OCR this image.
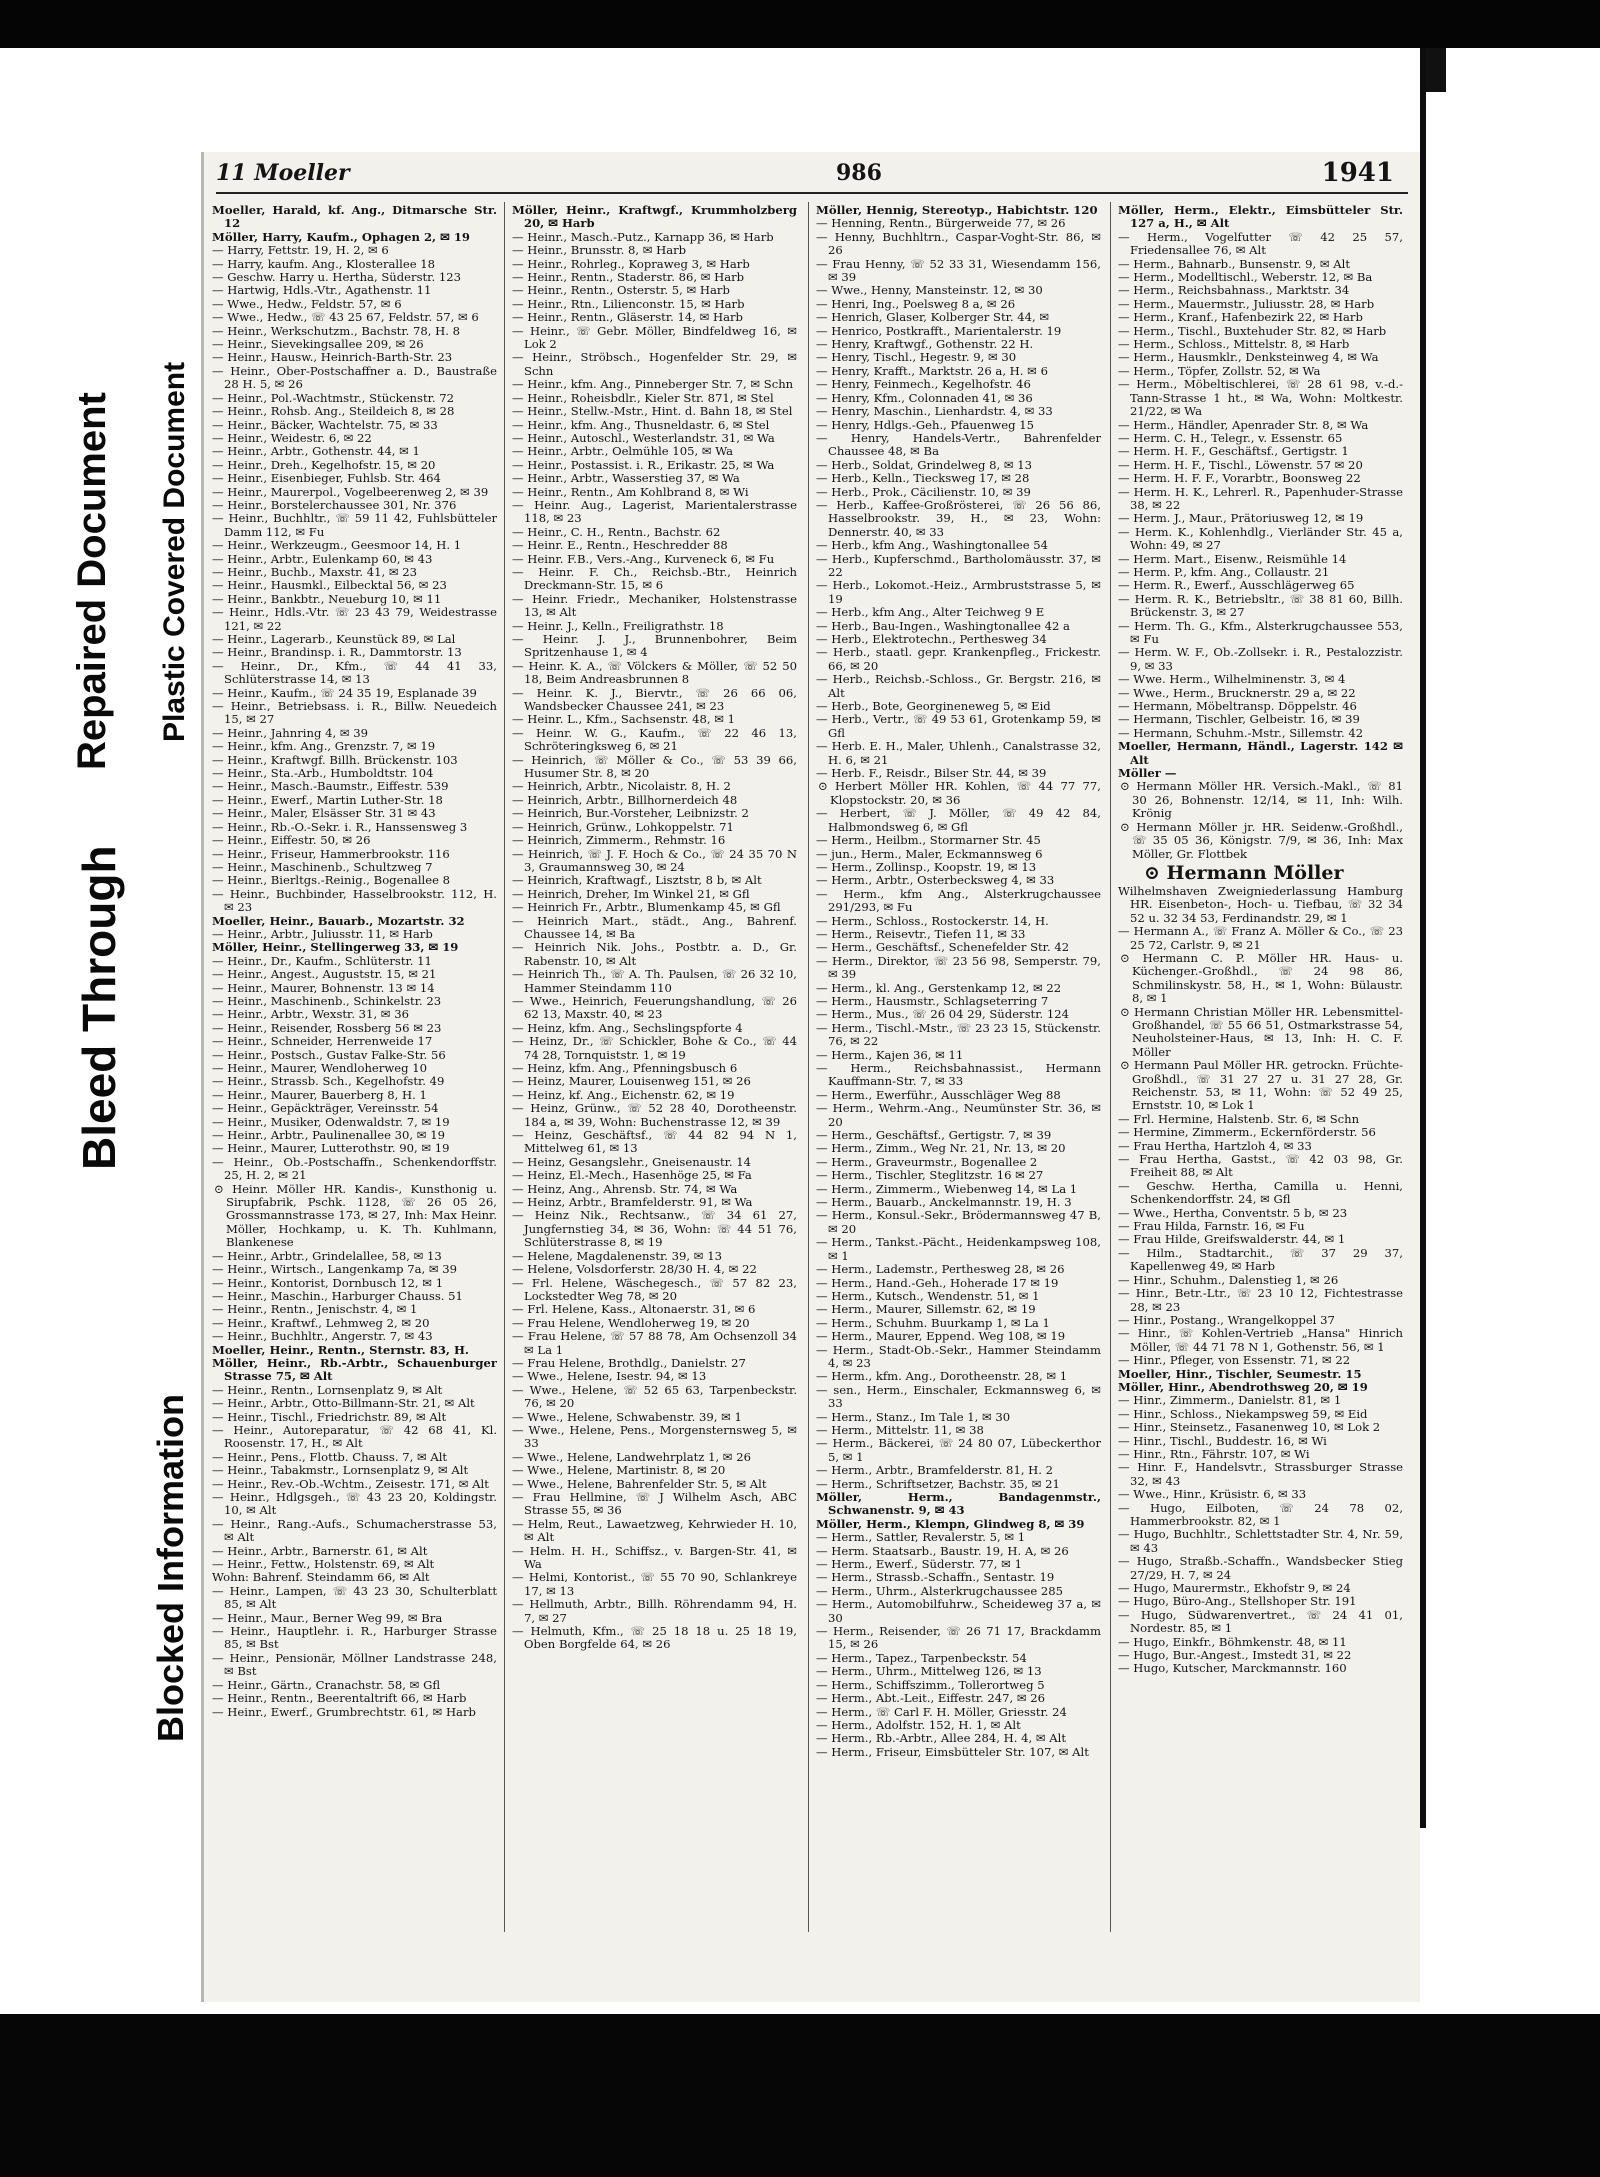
Bleed Through
Repaired Document Plastic Covered Document
Blocked Information
11 Moeller	986	1941

Moeller, Harald, kf. Ang., Ditmarsche Str. 12

Möller, Harry, Kaufm., Ophagen 2, ✉ 19

— Harry, Fettstr. 19, H. 2, ✉ 6

— Harry, kaufm. Ang., Klosterallee 18

— Geschw. Harry u. Hertha, Süderstr. 123

— Hartwig, Hdls.-Vtr., Agathenstr. 11

— Wwe., Hedw., Feldstr. 57, ✉ 6

— Wwe., Hedw., ☏ 43 25 67, Feldstr. 57, ✉ 6

— Heinr., Werkschutzm., Bachstr. 78, H. 8

— Heinr., Sievekingsallee 209, ✉ 26

— Heinr., Hausw., Heinrich-Barth-Str. 23

— Heinr., Ober-Postschaffner a. D., Baustraße 28 H. 5, ✉ 26

— Heinr., Pol.-Wachtmstr., Stückenstr. 72

— Heinr., Rohsb. Ang., Steildeich 8, ✉ 28

— Heinr., Bäcker, Wachtelstr. 75, ✉ 33

— Heinr., Weidestr. 6, ✉ 22

— Heinr., Arbtr., Gothenstr. 44, ✉ 1

— Heinr., Dreh., Kegelhofstr. 15, ✉ 20

— Heinr., Eisenbieger, Fuhlsb. Str. 464

— Heinr., Maurerpol., Vogelbeerenweg 2, ✉ 39

— Heinr., Borstelerchaussee 301, Nr. 376

— Heinr., Buchhltr., ☏ 59 11 42, Fuhlsbütteler Damm 112, ✉ Fu

— Heinr., Werkzeugm., Geesmoor 14, H. 1

— Heinr., Arbtr., Eulenkamp 60, ✉ 43

— Heinr., Buchb., Maxstr. 41, ✉ 23

— Heinr., Hausmkl., Eilbecktal 56, ✉ 23

— Heinr., Bankbtr., Neueburg 10, ✉ 11

— Heinr., Hdls.-Vtr. ☏ 23 43 79, Weidestrasse 121, ✉ 22

— Heinr., Lagerarb., Keunstück 89, ✉ Lal

— Heinr., Brandinsp. i. R., Dammtorstr. 13

— Heinr., Dr., Kfm., ☏ 44 41 33, Schlüterstrasse 14, ✉ 13

— Heinr., Kaufm., ☏ 24 35 19, Esplanade 39

— Heinr., Betriebsass. i. R., Billw. Neuedeich 15, ✉ 27

— Heinr., Jahnring 4, ✉ 39

— Heinr., kfm. Ang., Grenzstr. 7, ✉ 19

— Heinr., Kraftwgf. Billh. Brückenstr. 103

— Heinr., Sta.-Arb., Humboldtstr. 104

— Heinr., Masch.-Baumstr., Eiffestr. 539

— Heinr., Ewerf., Martin Luther-Str. 18

— Heinr., Maler, Elsässer Str. 31 ✉ 43

— Heinr., Rb.-O.-Sekr. i. R., Hanssensweg 3

— Heinr., Eiffestr. 50, ✉ 26

— Heinr., Friseur, Hammerbrookstr. 116

— Heinr., Maschinenb., Schultzweg 7

— Heinr., Bierltgs.-Reinig., Bogenallee 8

— Heinr., Buchbinder, Hasselbrookstr. 112, H. ✉ 23

Moeller, Heinr., Bauarb., Mozartstr. 32

— Heinr., Arbtr., Juliusstr. 11, ✉ Harb

Möller, Heinr., Stellingerweg 33, ✉ 19

— Heinr., Dr., Kaufm., Schlüterstr. 11

— Heinr., Angest., Auguststr. 15, ✉ 21

— Heinr., Maurer, Bohnenstr. 13 ✉ 14

— Heinr., Maschinenb., Schinkelstr. 23

— Heinr., Arbtr., Wexstr. 31, ✉ 36

— Heinr., Reisender, Rossberg 56 ✉ 23

— Heinr., Schneider, Herrenweide 17

— Heinr., Postsch., Gustav Falke-Str. 56

— Heinr., Maurer, Wendloherweg 10

— Heinr., Strassb. Sch., Kegelhofstr. 49

— Heinr., Maurer, Bauerberg 8, H. 1

— Heinr., Gepäckträger, Vereinsstr. 54

— Heinr., Musiker, Odenwaldstr. 7, ✉ 19

— Heinr., Arbtr., Paulinenallee 30, ✉ 19

— Heinr., Maurer, Lutterothstr. 90, ✉ 19

— Heinr., Ob.-Postschaffn., Schenkendorffstr. 25, H. 2, ✉ 21

⊙ Heinr. Möller HR. Kandis-, Kunsthonig u. Sirupfabrik, Pschk. 1128, ☏ 26 05 26, Grossmannstrasse 173, ✉ 27, Inh: Max Heinr. Möller, Hochkamp, u. K. Th. Kuhlmann, Blankenese

— Heinr., Arbtr., Grindelallee, 58, ✉ 13

— Heinr., Wirtsch., Langenkamp 7a, ✉ 39

— Heinr., Kontorist, Dornbusch 12, ✉ 1

— Heinr., Maschin., Harburger Chauss. 51

— Heinr., Rentn., Jenischstr. 4, ✉ 1

— Heinr., Kraftwf., Lehmweg 2, ✉ 20

— Heinr., Buchhltr., Angerstr. 7, ✉ 43

Moeller, Heinr., Rentn., Sternstr. 83, H.

Möller, Heinr., Rb.-Arbtr., Schauenburger Strasse 75, ✉ Alt

— Heinr., Rentn., Lornsenplatz 9, ✉ Alt

— Heinr., Arbtr., Otto-Billmann-Str. 21, ✉ Alt

— Heinr., Tischl., Friedrichstr. 89, ✉ Alt

— Heinr., Autoreparatur, ☏ 42 68 41, Kl. Roosenstr. 17, H., ✉ Alt

— Heinr., Pens., Flottb. Chauss. 7, ✉ Alt

— Heinr., Tabakmstr., Lornsenplatz 9, ✉ Alt

— Heinr., Rev.-Ob.-Wchtm., Zeisestr. 171, ✉ Alt

— Heinr., Hdlgsgeh., ☏ 43 23 20, Koldingstr. 10, ✉ Alt

— Heinr., Rang.-Aufs., Schumacherstrasse 53, ✉ Alt

— Heinr., Arbtr., Barnerstr. 61, ✉ Alt

— Heinr., Fettw., Holstenstr. 69, ✉ Alt

Wohn: Bahrenf. Steindamm 66, ✉ Alt

— Heinr., Lampen, ☏ 43 23 30, Schulterblatt 85, ✉ Alt

— Heinr., Maur., Berner Weg 99, ✉ Bra

— Heinr., Hauptlehr. i. R., Harburger Strasse 85, ✉ Bst

— Heinr., Pensionär, Möllner Landstrasse 248, ✉ Bst

— Heinr., Gärtn., Cranachstr. 58, ✉ Gfl

— Heinr., Rentn., Beerentaltrift 66, ✉ Harb

— Heinr., Ewerf., Grumbrechtstr. 61, ✉ Harb

Möller, Heinr., Kraftwgf., Krummholzberg 20, ✉ Harb

— Heinr., Masch.-Putz., Karnapp 36, ✉ Harb

— Heinr., Brunsstr. 8, ✉ Harb

— Heinr., Rohrleg., Kopraweg 3, ✉ Harb

— Heinr., Rentn., Staderstr. 86, ✉ Harb

— Heinr., Rentn., Osterstr. 5, ✉ Harb

— Heinr., Rtn., Lilienconstr. 15, ✉ Harb

— Heinr., Rentn., Gläserstr. 14, ✉ Harb

— Heinr., ☏ Gebr. Möller, Bindfeldweg 16, ✉ Lok 2

— Heinr., Ströbsch., Hogenfelder Str. 29, ✉ Schn

— Heinr., kfm. Ang., Pinneberger Str. 7, ✉ Schn

— Heinr., Roheisbdlr., Kieler Str. 871, ✉ Stel

— Heinr., Stellw.-Mstr., Hint. d. Bahn 18, ✉ Stel

— Heinr., kfm. Ang., Thusneldastr. 6, ✉ Stel

— Heinr., Autoschl., Westerlandstr. 31, ✉ Wa

— Heinr., Arbtr., Oelmühle 105, ✉ Wa

— Heinr., Postassist. i. R., Erikastr. 25, ✉ Wa

— Heinr., Arbtr., Wasserstieg 37, ✉ Wa

— Heinr., Rentn., Am Kohlbrand 8, ✉ Wi

— Heinr. Aug., Lagerist, Marientalerstrasse 118, ✉ 23

— Heinr., C. H., Rentn., Bachstr. 62

— Heinr. E., Rentn., Heschredder 88

— Heinr. F.B., Vers.-Ang., Kurveneck 6, ✉ Fu

— Heinr. F. Ch., Reichsb.-Btr., Heinrich Dreckmann-Str. 15, ✉ 6

— Heinr. Friedr., Mechaniker, Holstenstrasse 13, ✉ Alt

— Heinr. J., Kelln., Freiligrathstr. 18

— Heinr. J. J., Brunnenbohrer, Beim Spritzenhause 1, ✉ 4

— Heinr. K. A., ☏ Völckers & Möller, ☏ 52 50 18, Beim Andreasbrunnen 8

— Heinr. K. J., Biervtr., ☏ 26 66 06, Wandsbecker Chaussee 241, ✉ 23

— Heinr. L., Kfm., Sachsenstr. 48, ✉ 1

— Heinr. W. G., Kaufm., ☏ 22 46 13, Schröteringksweg 6, ✉ 21

— Heinrich, ☏ Möller & Co., ☏ 53 39 66, Husumer Str. 8, ✉ 20

— Heinrich, Arbtr., Nicolaistr. 8, H. 2

— Heinrich, Arbtr., Billhornerdeich 48

— Heinrich, Bur.-Vorsteher, Leibnizstr. 2

— Heinrich, Grünw., Lohkoppelstr. 71

— Heinrich, Zimmerm., Rehmstr. 16

— Heinrich, ☏ J. F. Hoch & Co., ☏ 24 35 70 N 3, Graumannsweg 30, ✉ 24

— Heinrich, Kraftwagf., Lisztstr, 8 b, ✉ Alt

— Heinrich, Dreher, Im Winkel 21, ✉ Gfl

— Heinrich Fr., Arbtr., Blumenkamp 45, ✉ Gfl

— Heinrich Mart., städt., Ang., Bahrenf. Chaussee 14, ✉ Ba

— Heinrich Nik. Johs., Postbtr. a. D., Gr. Rabenstr. 10, ✉ Alt

— Heinrich Th., ☏ A. Th. Paulsen, ☏ 26 32 10, Hammer Steindamm 110

— Wwe., Heinrich, Feuerungshandlung, ☏ 26 62 13, Maxstr. 40, ✉ 23

— Heinz, kfm. Ang., Sechslingspforte 4

— Heinz, Dr., ☏ Schickler, Bohe & Co., ☏ 44 74 28, Tornquiststr. 1, ✉ 19

— Heinz, kfm. Ang., Pfenningsbusch 6

— Heinz, Maurer, Louisenweg 151, ✉ 26

— Heinz, kf. Ang., Eichenstr. 62, ✉ 19

— Heinz, Grünw., ☏ 52 28 40, Dorotheenstr. 184 a, ✉ 39, Wohn: Buchenstrasse 12, ✉ 39

— Heinz, Geschäftsf., ☏ 44 82 94 N 1, Mittelweg 61, ✉ 13

— Heinz, Gesangslehr., Gneisenaustr. 14

— Heinz, El.-Mech., Hasenhöge 25, ✉ Fa

— Heinz, Ang., Ahrensb. Str. 74, ✉ Wa

— Heinz, Arbtr., Bramfelderstr. 91, ✉ Wa

— Heinz Nik., Rechtsanw., ☏ 34 61 27, Jungfernstieg 34, ✉ 36, Wohn: ☏ 44 51 76, Schlüterstrasse 8, ✉ 19

— Helene, Magdalenenstr. 39, ✉ 13

— Helene, Volsdorferstr. 28/30 H. 4, ✉ 22

— Frl. Helene, Wäschegesch., ☏ 57 82 23, Lockstedter Weg 78, ✉ 20

— Frl. Helene, Kass., Altonaerstr. 31, ✉ 6

— Frau Helene, Wendloherweg 19, ✉ 20

— Frau Helene, ☏ 57 88 78, Am Ochsenzoll 34 ✉ La 1

— Frau Helene, Brothdlg., Danielstr. 27

— Wwe., Helene, Isestr. 94, ✉ 13

— Wwe., Helene, ☏ 52 65 63, Tarpenbeckstr. 76, ✉ 20

— Wwe., Helene, Schwabenstr. 39, ✉ 1

— Wwe., Helene, Pens., Morgensternsweg 5, ✉ 33

— Wwe., Helene, Landwehrplatz 1, ✉ 26

— Wwe., Helene, Martinistr. 8, ✉ 20

— Wwe., Helene, Bahrenfelder Str. 5, ✉ Alt

— Frau Hellmine, ☏ J Wilhelm Asch, ABC Strasse 55, ✉ 36

— Helm, Reut., Lawaetzweg, Kehrwieder H. 10, ✉ Alt

— Helm. H. H., Schiffsz., v. Bargen-Str. 41, ✉ Wa

— Helmi, Kontorist., ☏ 55 70 90, Schlankreye 17, ✉ 13

— Hellmuth, Arbtr., Billh. Röhrendamm 94, H. 7, ✉ 27

— Helmuth, Kfm., ☏ 25 18 18 u. 25 18 19, Oben Borgfelde 64, ✉ 26

Möller, Hennig, Stereotyp., Habichtstr. 120

— Henning, Rentn., Bürgerweide 77, ✉ 26

— Henny, Buchhltrn., Caspar-Voght-Str. 86, ✉ 26

— Frau Henny, ☏ 52 33 31, Wiesendamm 156, ✉ 39

— Wwe., Henny, Mansteinstr. 12, ✉ 30

— Henri, Ing., Poelsweg 8 a, ✉ 26

— Henrich, Glaser, Kolberger Str. 44, ✉

— Henrico, Postkrafft., Marientalerstr. 19

— Henry, Kraftwgf., Gothenstr. 22 H.

— Henry, Tischl., Hegestr. 9, ✉ 30

— Henry, Krafft., Marktstr. 26 a, H. ✉ 6

— Henry, Feinmech., Kegelhofstr. 46

— Henry, Kfm., Colonnaden 41, ✉ 36

— Henry, Maschin., Lienhardstr. 4, ✉ 33

— Henry, Hdlgs.-Geh., Pfauenweg 15

— Henry, Handels-Vertr., Bahrenfelder Chaussee 48, ✉ Ba

— Herb., Soldat, Grindelweg 8, ✉ 13

— Herb., Kelln., Tiecksweg 17, ✉ 28

— Herb., Prok., Cäcilienstr. 10, ✉ 39

— Herb., Kaffee-Großrösterei, ☏ 26 56 86, Hasselbrookstr. 39, H., ✉ 23, Wohn: Dennerstr. 40, ✉ 33

— Herb., kfm Ang., Washingtonallee 54

— Herb., Kupferschmd., Bartholomäusstr. 37, ✉ 22

— Herb., Lokomot.-Heiz., Armbruststrasse 5, ✉ 19

— Herb., kfm Ang., Alter Teichweg 9 E

— Herb., Bau-Ingen., Washingtonallee 42 a

— Herb., Elektrotechn., Perthesweg 34

— Herb., staatl. gepr. Krankenpfleg., Frickestr. 66, ✉ 20

— Herb., Reichsb.-Schloss., Gr. Bergstr. 216, ✉ Alt

— Herb., Bote, Georgineneweg 5, ✉ Eid

— Herb., Vertr., ☏ 49 53 61, Grotenkamp 59, ✉ Gfl

— Herb. E. H., Maler, Uhlenh., Canalstrasse 32, H. 6, ✉ 21

— Herb. F., Reisdr., Bilser Str. 44, ✉ 39

⊙ Herbert Möller HR. Kohlen, ☏ 44 77 77, Klopstockstr. 20, ✉ 36

— Herbert, ☏ J. Möller, ☏ 49 42 84, Halbmondsweg 6, ✉ Gfl

— Herm., Heilbm., Stormarner Str. 45

— jun., Herm., Maler, Eckmannsweg 6

— Herm., Zollinsp., Koopstr. 19, ✉ 13

— Herm., Arbtr., Osterbecksweg 4, ✉ 33

— Herm., kfm Ang., Alsterkrugchaussee 291/293, ✉ Fu

— Herm., Schloss., Rostockerstr. 14, H.

— Herm., Reisevtr., Tiefen 11, ✉ 33

— Herm., Geschäftsf., Schenefelder Str. 42

— Herm., Direktor, ☏ 23 56 98, Semperstr. 79, ✉ 39

— Herm., kl. Ang., Gerstenkamp 12, ✉ 22

— Herm., Hausmstr., Schlagseterring 7

— Herm., Mus., ☏ 26 04 29, Süderstr. 124

— Herm., Tischl.-Mstr., ☏ 23 23 15, Stückenstr. 76, ✉ 22

— Herm., Kajen 36, ✉ 11

— Herm., Reichsbahnassist., Hermann Kauffmann-Str. 7, ✉ 33

— Herm., Ewerführ., Ausschläger Weg 88

— Herm., Wehrm.-Ang., Neumünster Str. 36, ✉ 20

— Herm., Geschäftsf., Gertigstr. 7, ✉ 39

— Herm., Zimm., Weg Nr. 21, Nr. 13, ✉ 20

— Herm., Graveurmstr., Bogenallee 2

— Herm., Tischler, Steglitzstr. 16 ✉ 27

— Herm., Zimmerm., Wiebenweg 14, ✉ La 1

— Herm., Bauarb., Anckelmannstr. 19, H. 3

— Herm., Konsul.-Sekr., Brödermannsweg 47 B, ✉ 20

— Herm., Tankst.-Pächt., Heidenkampsweg 108, ✉ 1

— Herm., Lademstr., Perthesweg 28, ✉ 26

— Herm., Hand.-Geh., Hoherade 17 ✉ 19

— Herm., Kutsch., Wendenstr. 51, ✉ 1

— Herm., Maurer, Sillemstr. 62, ✉ 19

— Herm., Schuhm. Buurkamp 1, ✉ La 1

— Herm., Maurer, Eppend. Weg 108, ✉ 19

— Herm., Stadt-Ob.-Sekr., Hammer Steindamm 4, ✉ 23

— Herm., kfm. Ang., Dorotheenstr. 28, ✉ 1

— sen., Herm., Einschaler, Eckmannsweg 6, ✉ 33

— Herm., Stanz., Im Tale 1, ✉ 30

— Herm., Mittelstr. 11, ✉ 38

— Herm., Bäckerei, ☏ 24 80 07, Lübeckerthor 5, ✉ 1

— Herm., Arbtr., Bramfelderstr. 81, H. 2

— Herm., Schriftsetzer, Bachstr. 35, ✉ 21

Möller, Herm., Bandagenmstr., Schwanenstr. 9, ✉ 43

Möller, Herm., Klempn, Glindweg 8, ✉ 39

— Herm., Sattler, Revalerstr. 5, ✉ 1

— Herm. Staatsarb., Baustr. 19, H. A, ✉ 26

— Herm., Ewerf., Süderstr. 77, ✉ 1

— Herm., Strassb.-Schaffn., Sentastr. 19

— Herm., Uhrm., Alsterkrugchaussee 285

— Herm., Automobilfuhrw., Scheideweg 37 a, ✉ 30

— Herm., Reisender, ☏ 26 71 17, Brackdamm 15, ✉ 26

— Herm., Tapez., Tarpenbeckstr. 54

— Herm., Uhrm., Mittelweg 126, ✉ 13

— Herm., Schiffszimm., Tollerortweg 5

— Herm., Abt.-Leit., Eiffestr. 247, ✉ 26

— Herm., ☏ Carl F. H. Möller, Griesstr. 24

— Herm., Adolfstr. 152, H. 1, ✉ Alt

— Herm., Rb.-Arbtr., Allee 284, H. 4, ✉ Alt

— Herm., Friseur, Eimsbütteler Str. 107, ✉ Alt

Möller, Herm., Elektr., Eimsbütteler Str. 127 a, H., ✉ Alt

— Herm., Vogelfutter ☏ 42 25 57, Friedensallee 76, ✉ Alt

— Herm., Bahnarb., Bunsenstr. 9, ✉ Alt

— Herm., Modelltischl., Weberstr. 12, ✉ Ba

— Herm., Reichsbahnass., Marktstr. 34

— Herm., Mauermstr., Juliusstr. 28, ✉ Harb

— Herm., Kranf., Hafenbezirk 22, ✉ Harb

— Herm., Tischl., Buxtehuder Str. 82, ✉ Harb

— Herm., Schloss., Mittelstr. 8, ✉ Harb

— Herm., Hausmklr., Denksteinweg 4, ✉ Wa

— Herm., Töpfer, Zollstr. 52, ✉ Wa

— Herm., Möbeltischlerei, ☏ 28 61 98, v.-d.-Tann-Strasse 1 ht., ✉ Wa, Wohn: Moltkestr. 21/22, ✉ Wa

— Herm., Händler, Apenrader Str. 8, ✉ Wa

— Herm. C. H., Telegr., v. Essenstr. 65

— Herm. H. F., Geschäftsf., Gertigstr. 1

— Herm. H. F., Tischl., Löwenstr. 57 ✉ 20

— Herm. H. F. F., Vorarbtr., Boonsweg 22

— Herm. H. K., Lehrerl. R., Papenhuder-Strasse 38, ✉ 22

— Herm. J., Maur., Prätoriusweg 12, ✉ 19

— Herm. K., Kohlenhdlg., Vierländer Str. 45 a, Wohn: 49, ✉ 27

— Herm. Mart., Eisenw., Reismühle 14

— Herm. P., kfm. Ang., Collaustr. 21

— Herm. R., Ewerf., Ausschlägerweg 65

— Herm. R. K., Betriebsltr., ☏ 38 81 60, Billh. Brückenstr. 3, ✉ 27

— Herm. Th. G., Kfm., Alsterkrugchaussee 553, ✉ Fu

— Herm. W. F., Ob.-Zollsekr. i. R., Pestalozzistr. 9, ✉ 33

— Wwe. Herm., Wilhelminenstr. 3, ✉ 4

— Wwe., Herm., Brucknerstr. 29 a, ✉ 22

— Hermann, Möbeltransp. Döppelstr. 46

— Hermann, Tischler, Gelbeistr. 16, ✉ 39

— Hermann, Schuhm.-Mstr., Sillemstr. 42

Moeller, Hermann, Händl., Lagerstr. 142 ✉ Alt

Möller —

⊙ Hermann Möller HR. Versich.-Makl., ☏ 81 30 26, Bohnenstr. 12/14, ✉ 11, Inh: Wilh. Krönig

⊙ Hermann Möller jr. HR. Seidenw.-Großhdl., ☏ 35 05 36, Königstr. 7/9, ✉ 36, Inh: Max Möller, Gr. Flottbek

⊙ Hermann Möller

Wilhelmshaven Zweigniederlassung Hamburg HR. Eisenbeton-, Hoch- u. Tiefbau, ☏ 32 34 52 u. 32 34 53, Ferdinandstr. 29, ✉ 1

— Hermann A., ☏ Franz A. Möller & Co., ☏ 23 25 72, Carlstr. 9, ✉ 21

⊙ Hermann C. P. Möller HR. Haus- u. Küchenger.-Großhdl., ☏ 24 98 86, Schmilinskystr. 58, H., ✉ 1, Wohn: Bülaustr. 8, ✉ 1

⊙ Hermann Christian Möller HR. Lebensmittel-Großhandel, ☏ 55 66 51, Ostmarkstrasse 54, Neuholsteiner-Haus, ✉ 13, Inh: H. C. F. Möller

⊙ Hermann Paul Möller HR. getrockn. Früchte-Großhdl., ☏ 31 27 27 u. 31 27 28, Gr. Reichenstr. 53, ✉ 11, Wohn: ☏ 52 49 25, Ernststr. 10, ✉ Lok 1

— Frl. Hermine, Halstenb. Str. 6, ✉ Schn

— Hermine, Zimmerm., Eckernförderstr. 56

— Frau Hertha, Hartzloh 4, ✉ 33

— Frau Hertha, Gastst., ☏ 42 03 98, Gr. Freiheit 88, ✉ Alt

— Geschw. Hertha, Camilla u. Henni, Schenkendorffstr. 24, ✉ Gfl

— Wwe., Hertha, Conventstr. 5 b, ✉ 23

— Frau Hilda, Farnstr. 16, ✉ Fu

— Frau Hilde, Greifswalderstr. 44, ✉ 1

— Hilm., Stadtarchit., ☏ 37 29 37, Kapellenweg 49, ✉ Harb

— Hinr., Schuhm., Dalenstieg 1, ✉ 26

— Hinr., Betr.-Ltr., ☏ 23 10 12, Fichtestrasse 28, ✉ 23

— Hinr., Postang., Wrangelkoppel 37

— Hinr., ☏ Kohlen-Vertrieb „Hansa" Hinrich Möller, ☏ 44 71 78 N 1, Gothenstr. 56, ✉ 1

— Hinr., Pfleger, von Essenstr. 71, ✉ 22

Moeller, Hinr., Tischler, Seumestr. 15

Möller, Hinr., Abendrothsweg 20, ✉ 19

— Hinr., Zimmerm., Danielstr. 81, ✉ 1

— Hinr., Schloss., Niekampsweg 59, ✉ Eid

— Hinr., Steinsetz., Fasanenweg 10, ✉ Lok 2

— Hinr., Tischl., Buddestr. 16, ✉ Wi

— Hinr., Rtn., Fährstr. 107, ✉ Wi

— Hinr. F., Handelsvtr., Strassburger Strasse 32, ✉ 43

— Wwe., Hinr., Krüsistr. 6, ✉ 33

— Hugo, Eilboten, ☏ 24 78 02, Hammerbrookstr. 82, ✉ 1

— Hugo, Buchhltr., Schlettstadter Str. 4, Nr. 59, ✉ 43

— Hugo, Straßb.-Schaffn., Wandsbecker Stieg 27/29, H. 7, ✉ 24

— Hugo, Maurermstr., Ekhofstr 9, ✉ 24

— Hugo, Büro-Ang., Stellshoper Str. 191

— Hugo, Südwarenvertret., ☏ 24 41 01, Nordestr. 85, ✉ 1

— Hugo, Einkfr., Böhmkenstr. 48, ✉ 11

— Hugo, Bur.-Angest., Imstedt 31, ✉ 22

— Hugo, Kutscher, Marckmannstr. 160
